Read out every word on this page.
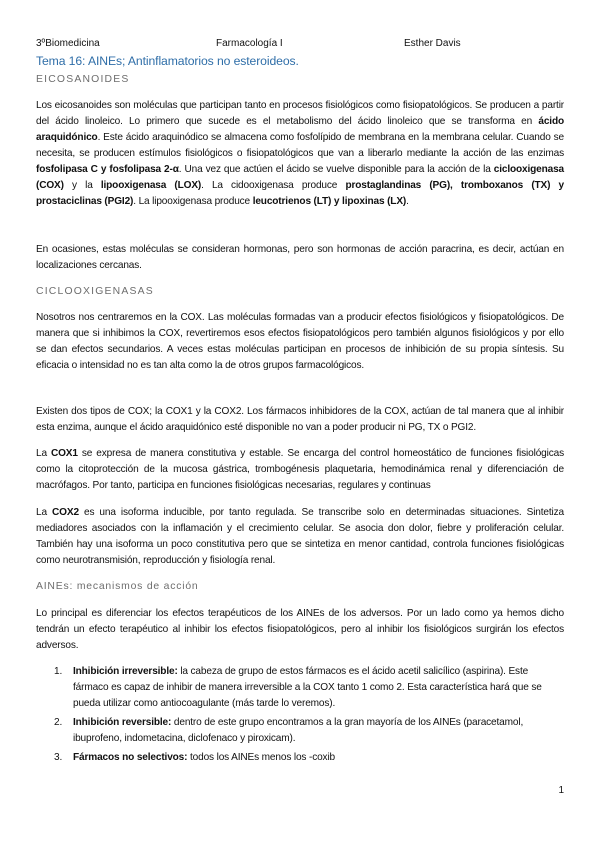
3ºBiomedicina	Farmacología I	Esther Davis
Tema 16: AINEs; Antinflamatorios no esteroideos.
EICOSANOIDES
Los eicosanoides son moléculas que participan tanto en procesos fisiológicos como fisiopatológicos. Se producen a partir del ácido linoleico. Lo primero que sucede es el metabolismo del ácido linoleico que se transforma en ácido araquidónico. Este ácido araquinódico se almacena como fosfolípido de membrana en la membrana celular. Cuando se necesita, se producen estímulos fisiológicos o fisiopatológicos que van a liberarlo mediante la acción de las enzimas fosfolipasa C y fosfolipasa 2-α. Una vez que actúen el ácido se vuelve disponible para la acción de la ciclooxigenasa (COX) y la lipooxigenasa (LOX). La cidooxigenasa produce prostaglandinas (PG), tromboxanos (TX) y prostaciclinas (PGI2). La lipooxigenasa produce leucotrienos (LT) y lipoxinas (LX).
En ocasiones, estas moléculas se consideran hormonas, pero son hormonas de acción paracrina, es decir, actúan en localizaciones cercanas.
CICLOOXIGENASAS
Nosotros nos centraremos en la COX. Las moléculas formadas van a producir efectos fisiológicos y fisiopatológicos. De manera que si inhibimos la COX, revertiremos esos efectos fisiopatológicos pero también algunos fisiológicos y por ello se dan efectos secundarios. A veces estas moléculas participan en procesos de inhibición de su propia síntesis. Su eficacia o intensidad no es tan alta como la de otros grupos farmacológicos.
Existen dos tipos de COX; la COX1 y la COX2. Los fármacos inhibidores de la COX, actúan de tal manera que al inhibir esta enzima, aunque el ácido araquidónico esté disponible no van a poder producir ni PG, TX o PGI2.
La COX1 se expresa de manera constitutiva y estable. Se encarga del control homeostático de funciones fisiológicas como la citoprotección de la mucosa gástrica, trombogénesis plaquetaria, hemodinámica renal y diferenciación de macrófagos. Por tanto, participa en funciones fisiológicas necesarias, regulares y continuas
La COX2 es una isoforma inducible, por tanto regulada. Se transcribe solo en determinadas situaciones. Sintetiza mediadores asociados con la inflamación y el crecimiento celular. Se asocia don dolor, fiebre y proliferación celular. También hay una isoforma un poco constitutiva pero que se sintetiza en menor cantidad, controla funciones fisiológicas como neurotransmisión, reproducción y fisiología renal.
AINEs: mecanismos de acción
Lo principal es diferenciar los efectos terapéuticos de los AINEs de los adversos. Por un lado como ya hemos dicho tendrán un efecto terapéutico al inhibir los efectos fisiopatológicos, pero al inhibir los fisiológicos surgirán los efectos adversos.
1. Inhibición irreversible: la cabeza de grupo de estos fármacos es el ácido acetil salicílico (aspirina). Este fármaco es capaz de inhibir de manera irreversible a la COX tanto 1 como 2. Esta característica hará que se pueda utilizar como antiocoagulante (más tarde lo veremos).
2. Inhibición reversible: dentro de este grupo encontramos a la gran mayoría de los AINEs (paracetamol, ibuprofeno, indometacina, diclofenaco y piroxicam).
3. Fármacos no selectivos: todos los AINEs menos los -coxib
1
